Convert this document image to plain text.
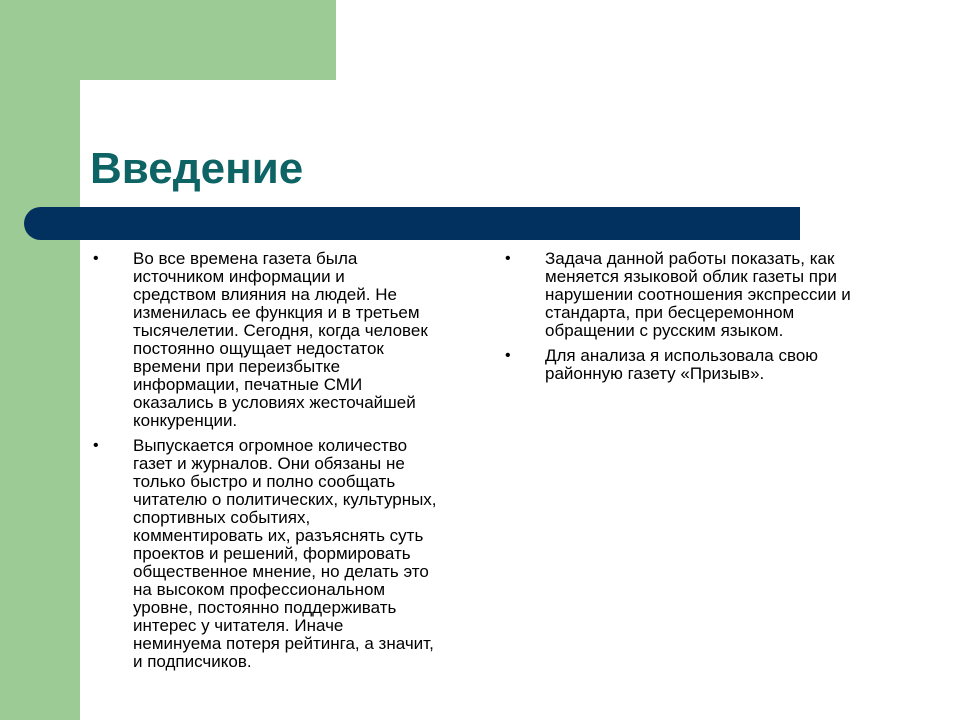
Введение
•	Во все времена газета была
источником информации и
средством влияния на людей. Не
изменилась ее функция и в третьем
тысячелетии. Сегодня, когда человек
постоянно ощущает недостаток
времени при переизбытке
информации, печатные СМИ
оказались в условиях жесточайшей
конкуренции.
•	Выпускается огромное количество
газет и журналов. Они обязаны не
только быстро и полно сообщать
читателю о политических, культурных,
спортивных событиях,
комментировать их, разъяснять суть
проектов и решений, формировать
общественное мнение, но делать это
на высоком профессиональном
уровне, постоянно поддерживать
интерес у читателя. Иначе
неминуема потеря рейтинга, а значит,
и подписчиков.
•	Задача данной работы показать, как
меняется языковой облик газеты при
нарушении соотношения экспрессии и
стандарта, при бесцеремонном
обращении с русским языком.
•	Для анализа я использовала свою
районную газету «Призыв».
